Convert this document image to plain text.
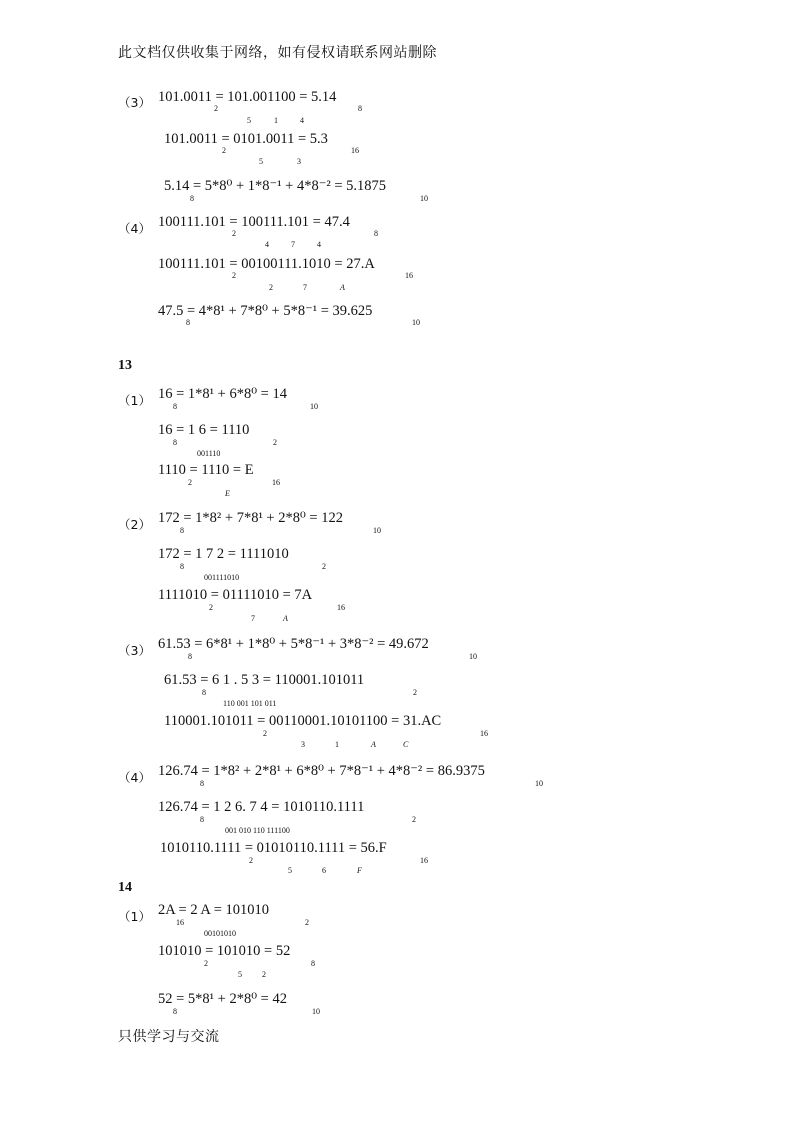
此文档仅供收集于网络，如有侵权请联系网站删除
（3） 101.0011 = 101.001100 = 5.14
2	8
5	1	4
101.0011 = 0101.0011 = 5.3
2	16
5	3
5.14 = 5*8⁰ + 1*8⁻¹ + 4*8⁻² = 5.1875
8	10
（4） 100111.101 = 100111.101 = 47.4
2	8
4	7	4
100111.101 = 00100111.1010 = 27.A
2	16
2	7	A
47.5 = 4*8¹ + 7*8⁰ + 5*8⁻¹ = 39.625
8	10
13
（1） 16 = 1*8¹ + 6*8⁰ = 14
8	10
16 = 1 6 = 1110
8	2
001110
1110 = 1110 = E
2	16
E
（2） 172 = 1*8² + 7*8¹ + 2*8⁰ = 122
8	10
172 = 1 7 2 = 1111010
8	2
001111010
1111010 = 01111010 = 7A
2	16
7	A
（3） 61.53 = 6*8¹ + 1*8⁰ + 5*8⁻¹ + 3*8⁻² = 49.672
8	10
61.53 = 6 1 . 5 3 = 110001.101011
8	2
110 001 101 011
110001.101011 = 00110001.10101100 = 31.AC
2	16
3	1	A	C
（4） 126.74 = 1*8² + 2*8¹ + 6*8⁰ + 7*8⁻¹ + 4*8⁻² = 86.9375
8	10
126.74 = 1 2 6. 7 4 = 1010110.1111
8	2
001 010 110 111100
1010110.1111 = 01010110.1111 = 56.F
2	16
5	6	F
14
（1） 2A = 2 A = 101010
16	2
00101010
101010 = 101010 = 52
2	8
5	2
52 = 5*8¹ + 2*8⁰ = 42
8	10
只供学习与交流
